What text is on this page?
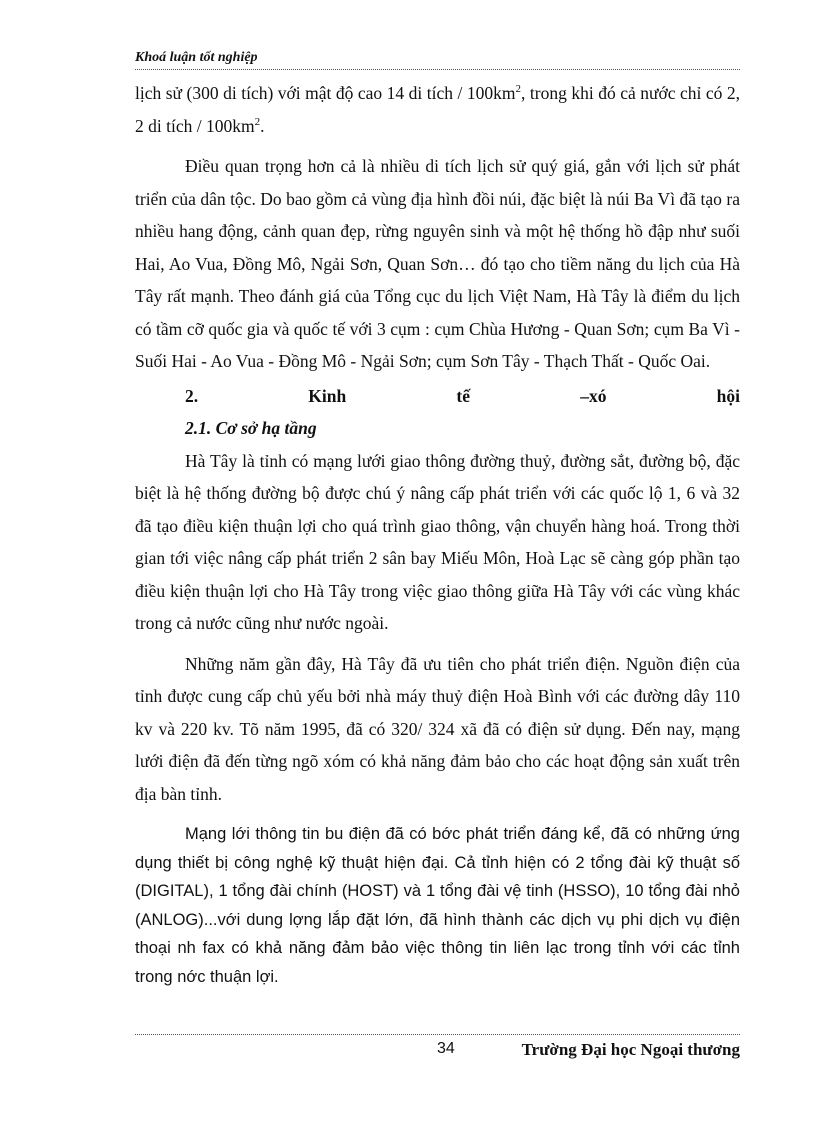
Khoá luận tốt nghiệp

lịch sử (300 di tích) với mật độ cao 14 di tích / $100km^2$, trong khi đó cả nước chỉ có 2, 2 di tích / $100km^2$.

Điều quan trọng hơn cả là nhiều di tích lịch sử quý giá, gắn với lịch sử phát triển của dân tộc. Do bao gồm cả vùng địa hình đồi núi, đặc biệt là núi Ba Vì đã tạo ra nhiều hang động, cảnh quan đẹp, rừng nguyên sinh và một hệ thống hồ đập như suối Hai, Ao Vua, Đồng Mô, Ngải Sơn, Quan Sơn… đó tạo cho tiềm năng du lịch của Hà Tây rất mạnh. Theo đánh giá của Tổng cục du lịch Việt Nam, Hà Tây là điểm du lịch có tầm cỡ quốc gia và quốc tế với 3 cụm : cụm Chùa Hương - Quan Sơn; cụm Ba Vì - Suối Hai - Ao Vua - Đồng Mô - Ngải Sơn; cụm Sơn Tây - Thạch Thất - Quốc Oai.

2.	Kinh	tế	–xó	hội
2.1. Cơ sở hạ tầng

Hà Tây là tỉnh có mạng lưới giao thông đường thuỷ, đường sắt, đường bộ, đặc biệt là hệ thống đường bộ được chú ý nâng cấp phát triển với các quốc lộ 1, 6 và 32 đã tạo điều kiện thuận lợi cho quá trình giao thông, vận chuyển hàng hoá. Trong thời gian tới việc nâng cấp phát triển 2 sân bay Miếu Môn, Hoà Lạc sẽ càng góp phần tạo điều kiện thuận lợi cho Hà Tây trong việc giao thông giữa Hà Tây với các vùng khác trong cả nước cũng như nước ngoài.

Những năm gần đây, Hà Tây đã ưu tiên cho phát triển điện. Nguồn điện của tỉnh được cung cấp chủ yếu bởi nhà máy thuỷ điện Hoà Bình với các đường dây 110 kv và 220 kv. Tõ năm 1995, đã có 320/ 324 xã đã có điện sử dụng. Đến nay, mạng lưới điện đã đến từng ngõ xóm có khả năng đảm bảo cho các hoạt động sản xuất trên địa bàn tỉnh.

Mạng lới thông tin bu điện đã có bớc phát triển đáng kể, đã có những ứng dụng thiết bị công nghệ kỹ thuật hiện đại. Cả tỉnh hiện có 2 tổng đài kỹ thuật số (DIGITAL), 1 tổng đài chính (HOST) và 1 tổng đài vệ tinh (HSSO), 10 tổng đài nhỏ (ANLOG)...với dung lợng lắp đặt lớn, đã hình thành các dịch vụ phi dịch vụ điện thoại nh fax có khả năng đảm bảo việc thông tin liên lạc trong tỉnh với các tỉnh trong nớc thuận lợi.

34	Trường Đại học Ngoại thương
